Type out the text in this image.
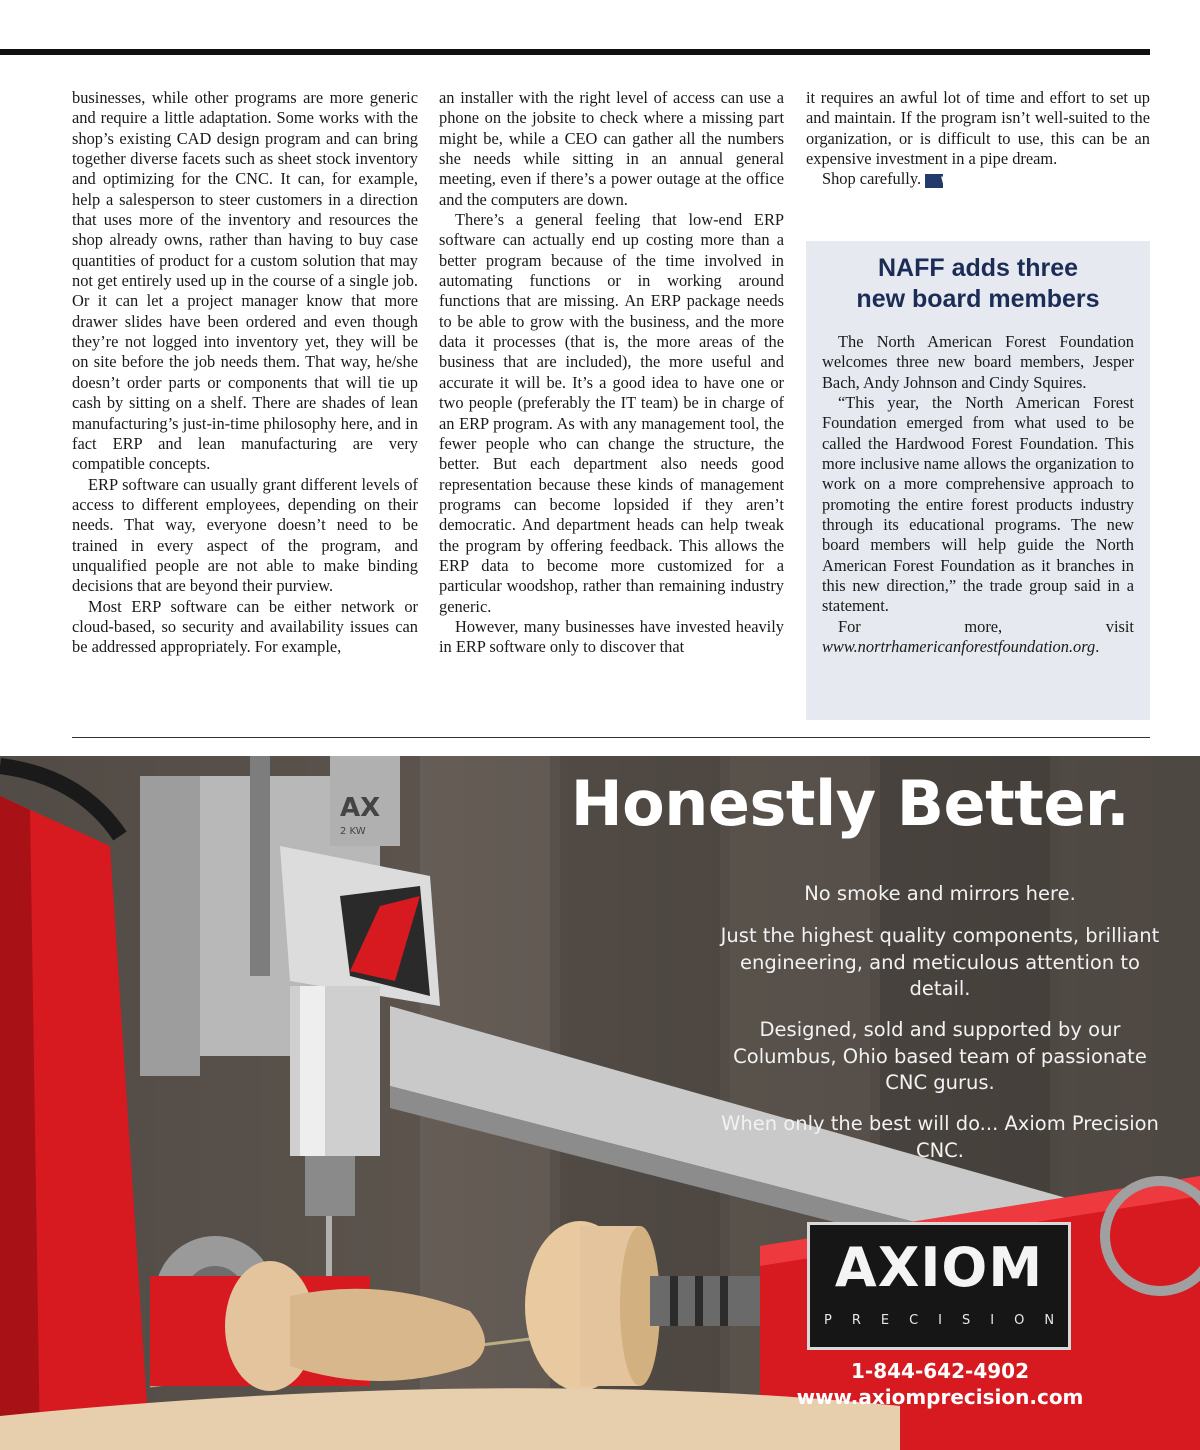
businesses, while other programs are more generic and require a little adaptation. Some works with the shop’s existing CAD design program and can bring together diverse facets such as sheet stock inventory and optimizing for the CNC. It can, for example, help a salesperson to steer customers in a direction that uses more of the inventory and resources the shop already owns, rather than having to buy case quantities of product for a custom solution that may not get entirely used up in the course of a single job. Or it can let a project manager know that more drawer slides have been ordered and even though they’re not logged into inventory yet, they will be on site before the job needs them. That way, he/she doesn’t order parts or components that will tie up cash by sitting on a shelf. There are shades of lean manufacturing’s just-in-time philosophy here, and in fact ERP and lean manufacturing are very compatible concepts.

ERP software can usually grant different levels of access to different employees, depending on their needs. That way, everyone doesn’t need to be trained in every aspect of the program, and unqualified people are not able to make binding decisions that are beyond their purview.

Most ERP software can be either network or cloud-based, so security and availability issues can be addressed appropriately. For example,

an installer with the right level of access can use a phone on the jobsite to check where a missing part might be, while a CEO can gather all the numbers she needs while sitting in an annual general meeting, even if there’s a power outage at the office and the computers are down.

There’s a general feeling that low-end ERP software can actually end up costing more than a better program because of the time involved in automating functions or in working around functions that are missing. An ERP package needs to be able to grow with the business, and the more data it processes (that is, the more areas of the business that are included), the more useful and accurate it will be. It’s a good idea to have one or two people (preferably the IT team) be in charge of an ERP program. As with any management tool, the fewer people who can change the structure, the better. But each department also needs good representation because these kinds of management programs can become lopsided if they aren’t democratic. And department heads can help tweak the program by offering feedback. This allows the ERP data to become more customized for a particular woodshop, rather than remaining industry generic.

However, many businesses have invested heavily in ERP software only to discover that

it requires an awful lot of time and effort to set up and maintain. If the program isn’t well-suited to the organization, or is difficult to use, this can be an expensive investment in a pipe dream.

Shop carefully. W

NAFF adds three
new board members

The North American Forest Foundation welcomes three new board members, Jesper Bach, Andy Johnson and Cindy Squires.

“This year, the North American Forest Foundation emerged from what used to be called the Hardwood Forest Foundation. This more inclusive name allows the organization to work on a more comprehensive approach to promoting the entire forest products industry through its educational programs. The new board members will help guide the North American Forest Foundation as it branches in this new direction,” the trade group said in a statement.

For more, visit www.nortrhamericanforestfoundation.org.

AX
2 KW	Honestly Better.
No smoke and mirrors here.
Just the highest quality components, brilliant engineering, and meticulous attention to detail.
Designed, sold and supported by our Columbus, Ohio based team of passionate CNC gurus.
When only the best will do... Axiom Precision CNC.
AXIOM
PRECISION
1-844-642-4902
www.axiomprecision.com
